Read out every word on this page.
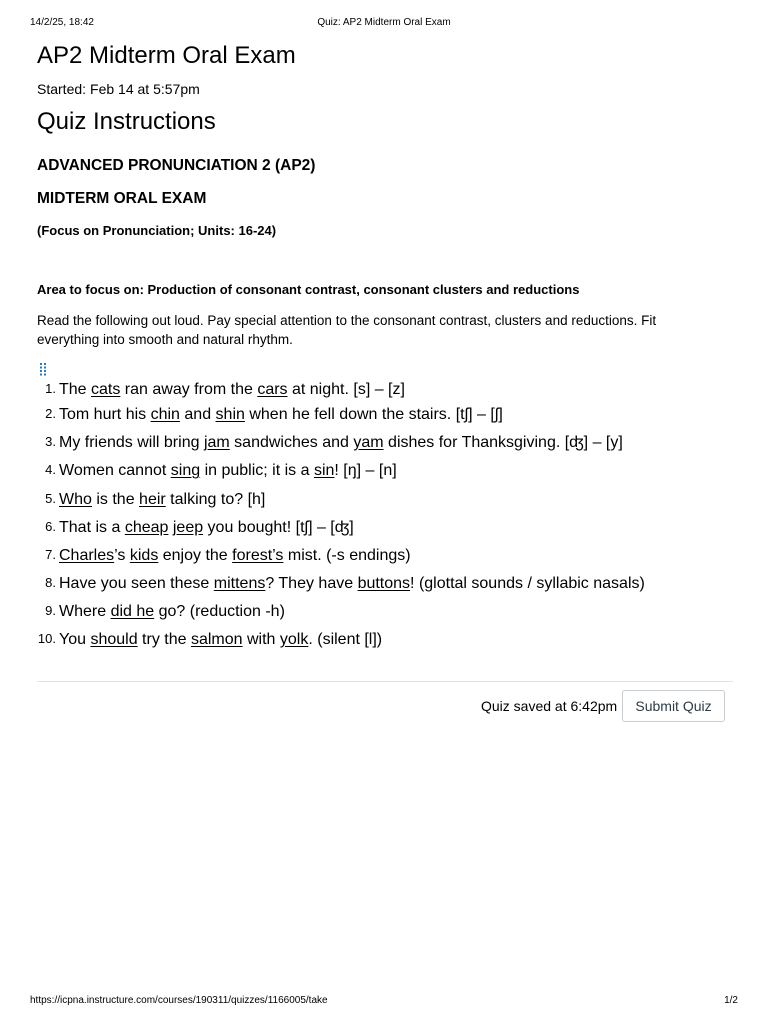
14/2/25, 18:42	Quiz: AP2 Midterm Oral Exam
AP2 Midterm Oral Exam
Started: Feb 14 at 5:57pm
Quiz Instructions
ADVANCED PRONUNCIATION 2 (AP2)
MIDTERM ORAL EXAM
(Focus on Pronunciation; Units: 16-24)
Area to focus on: Production of consonant contrast, consonant clusters and reductions
Read the following out loud. Pay special attention to the consonant contrast, clusters and reductions. Fit everything into smooth and natural rhythm.
1. The cats ran away from the cars at night. [s] – [z]
2. Tom hurt his chin and shin when he fell down the stairs. [tʃ] – [ʃ]
3. My friends will bring jam sandwiches and yam dishes for Thanksgiving. [ʤ] – [y]
4. Women cannot sing in public; it is a sin! [ŋ] – [n]
5. Who is the heir talking to? [h]
6. That is a cheap jeep you bought! [tʃ] – [ʤ]
7. Charles’s kids enjoy the forest’s mist. (-s endings)
8. Have you seen these mittens? They have buttons! (glottal sounds / syllabic nasals)
9. Where did he go? (reduction -h)
10. You should try the salmon with yolk. (silent [l])
Quiz saved at 6:42pm	Submit Quiz
https://icpna.instructure.com/courses/190311/quizzes/1166005/take	1/2
